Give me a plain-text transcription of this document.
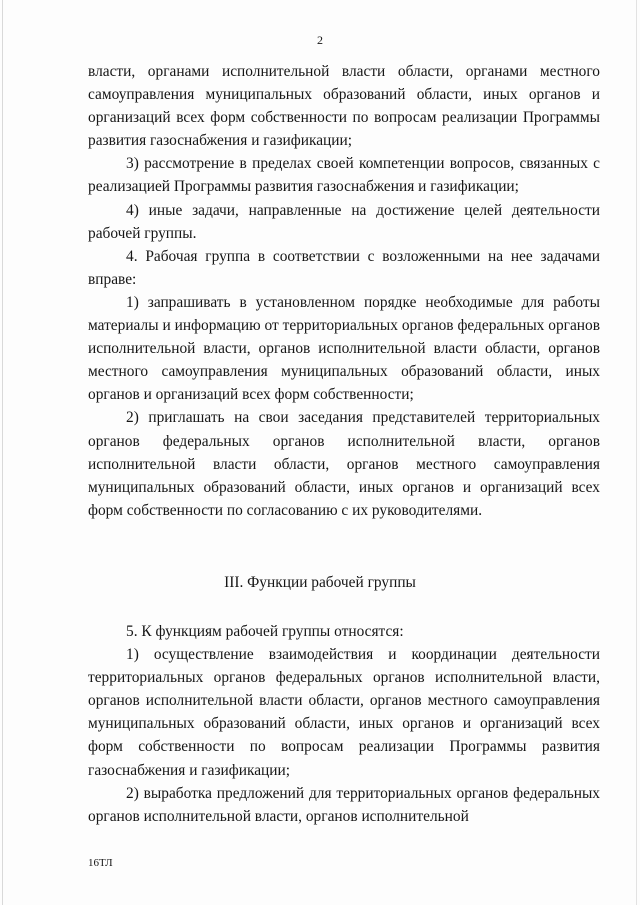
2

власти, органами исполнительной власти области, органами местного самоуправления муниципальных образований области, иных органов и организаций всех форм собственности по вопросам реализации Программы развития газоснабжения и газификации;

3) рассмотрение в пределах своей компетенции вопросов, связанных с реализацией Программы развития газоснабжения и газификации;

4) иные задачи, направленные на достижение целей деятельности рабочей группы.

4. Рабочая группа в соответствии с возложенными на нее задачами вправе:

1) запрашивать в установленном порядке необходимые для работы материалы и информацию от территориальных органов федеральных органов исполнительной власти, органов исполнительной власти области, органов местного самоуправления муниципальных образований области, иных органов и организаций всех форм собственности;

2) приглашать на свои заседания представителей территориальных органов федеральных органов исполнительной власти, органов исполнительной власти области, органов местного самоуправления муниципальных образований области, иных органов и организаций всех форм собственности по согласованию с их руководителями.

III. Функции рабочей группы

5. К функциям рабочей группы относятся:

1) осуществление взаимодействия и координации деятельности территориальных органов федеральных органов исполнительной власти, органов исполнительной власти области, органов местного самоуправления муниципальных образований области, иных органов и организаций всех форм собственности по вопросам реализации Программы развития газоснабжения и газификации;

2) выработка предложений для территориальных органов федеральных органов исполнительной власти, органов исполнительной

16ТЛ
